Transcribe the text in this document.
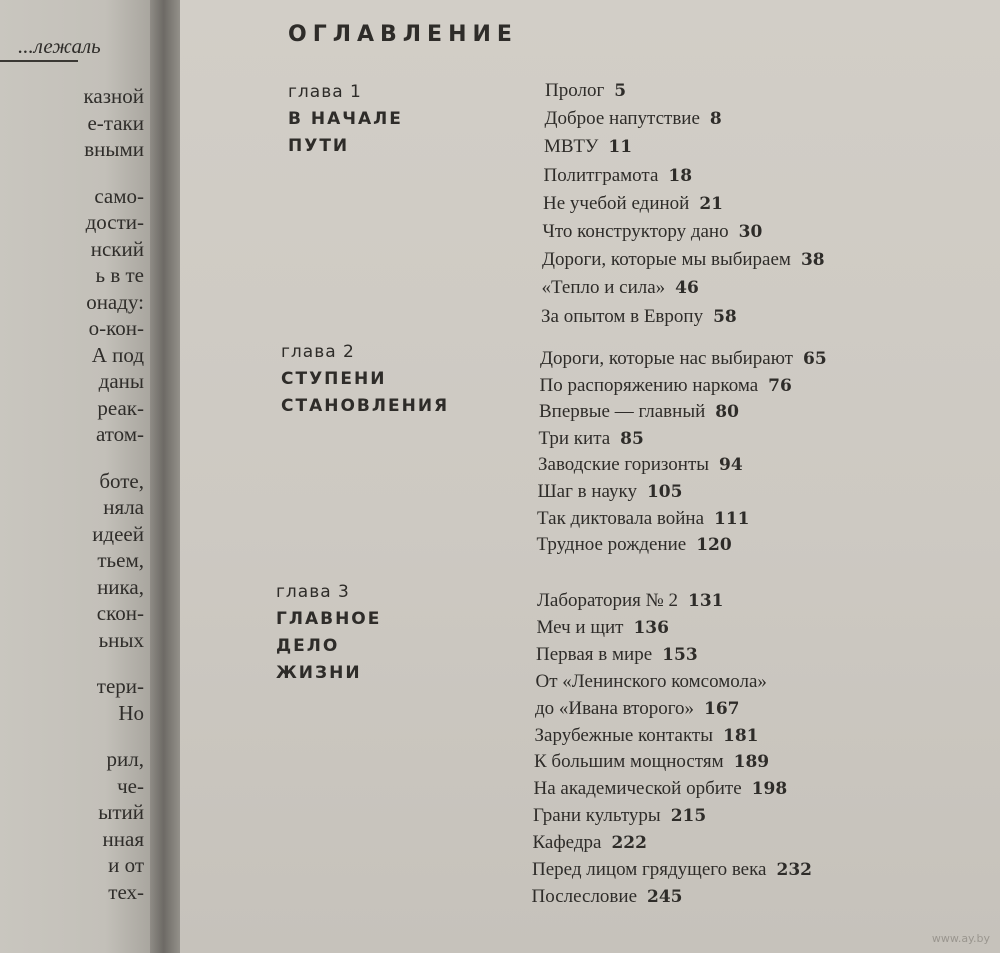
...лежаль
казной
е-таки
вными
само-
дости-
нский
ь в те
онаду:
о-кон-
А под
даны
реак-
атом-
боте,
няла
идеей
тьем,
ника,
скон-
ьных
тери-
Но
рил,
че-
ытий
нная
и от
тех-
ОГЛАВЛЕНИЕ
глава 1
В НАЧАЛЕ
ПУТИ
Пролог 5
Доброе напутствие 8
МВТУ 11
Политграмота 18
Не учебой единой 21
Что конструктору дано 30
Дороги, которые мы выбираем 38
«Тепло и сила» 46
За опытом в Европу 58
глава 2
СТУПЕНИ
СТАНОВЛЕНИЯ
Дороги, которые нас выбирают 65
По распоряжению наркома 76
Впервые — главный 80
Три кита 85
Заводские горизонты 94
Шаг в науку 105
Так диктовала война 111
Трудное рождение 120
глава 3
ГЛАВНОЕ
ДЕЛО
ЖИЗНИ
Лаборатория № 2 131
Меч и щит 136
Первая в мире 153
От «Ленинского комсомола»
до «Ивана второго» 167
Зарубежные контакты 181
К большим мощностям 189
На академической орбите 198
Грани культуры 215
Кафедра 222
Перед лицом грядущего века 232
Послесловие 245
www.ay.by
